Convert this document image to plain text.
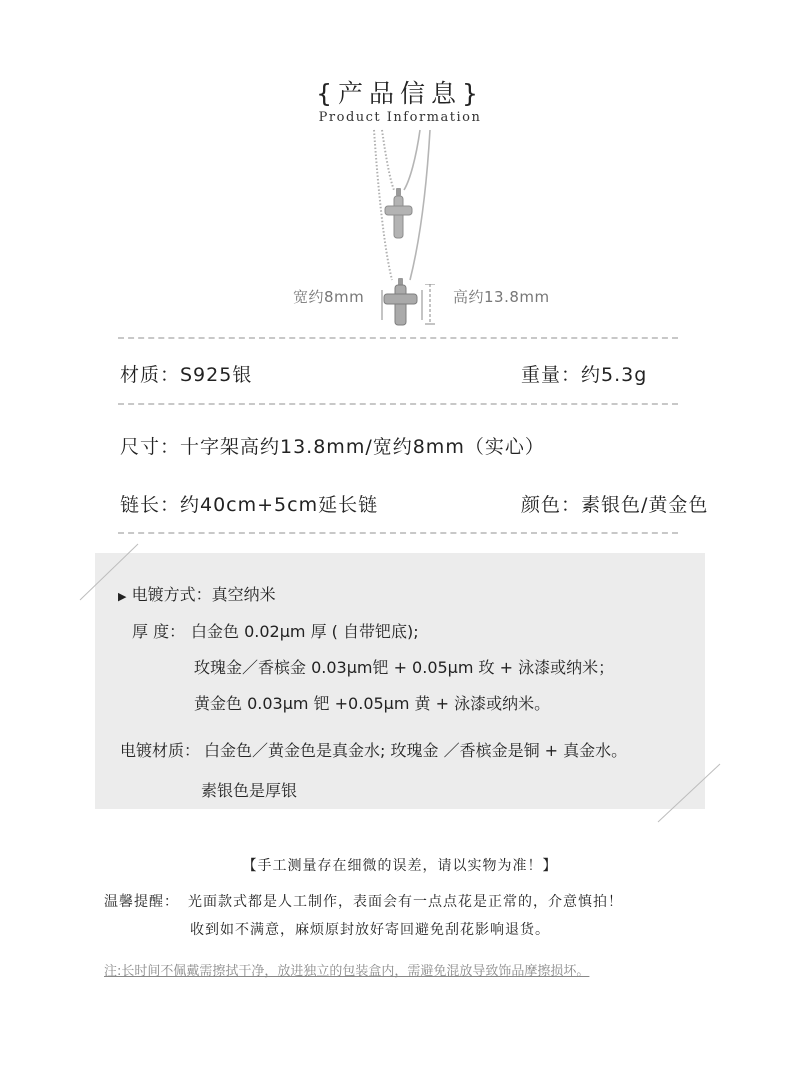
{产品信息}
Product Information
宽约8mm	高约13.8mm
材质：S925银	重量：约5.3g
尺寸：十字架高约13.8mm/宽约8mm（实心）
链长：约40cm+5cm延长链	颜色：素银色/黄金色
▶ 电镀方式：真空纳米
厚 度： 白金色 0.02μm 厚 ( 自带钯底);
玫瑰金／香槟金 0.03μm钯 + 0.05μm 玫 + 泳漆或纳米；
黄金色 0.03μm 钯 +0.05μm 黄 + 泳漆或纳米。
电镀材质： 白金色／黄金色是真金水; 玫瑰金 ／香槟金是铜 + 真金水。
素银色是厚银
【手工测量存在细微的误差，请以实物为准！】
温馨提醒： 光面款式都是人工制作，表面会有一点点花是正常的，介意慎拍！
收到如不满意，麻烦原封放好寄回避免刮花影响退货。
注:长时间不佩戴需擦拭干净，放进独立的包装盒内，需避免混放导致饰品摩擦损坏。
